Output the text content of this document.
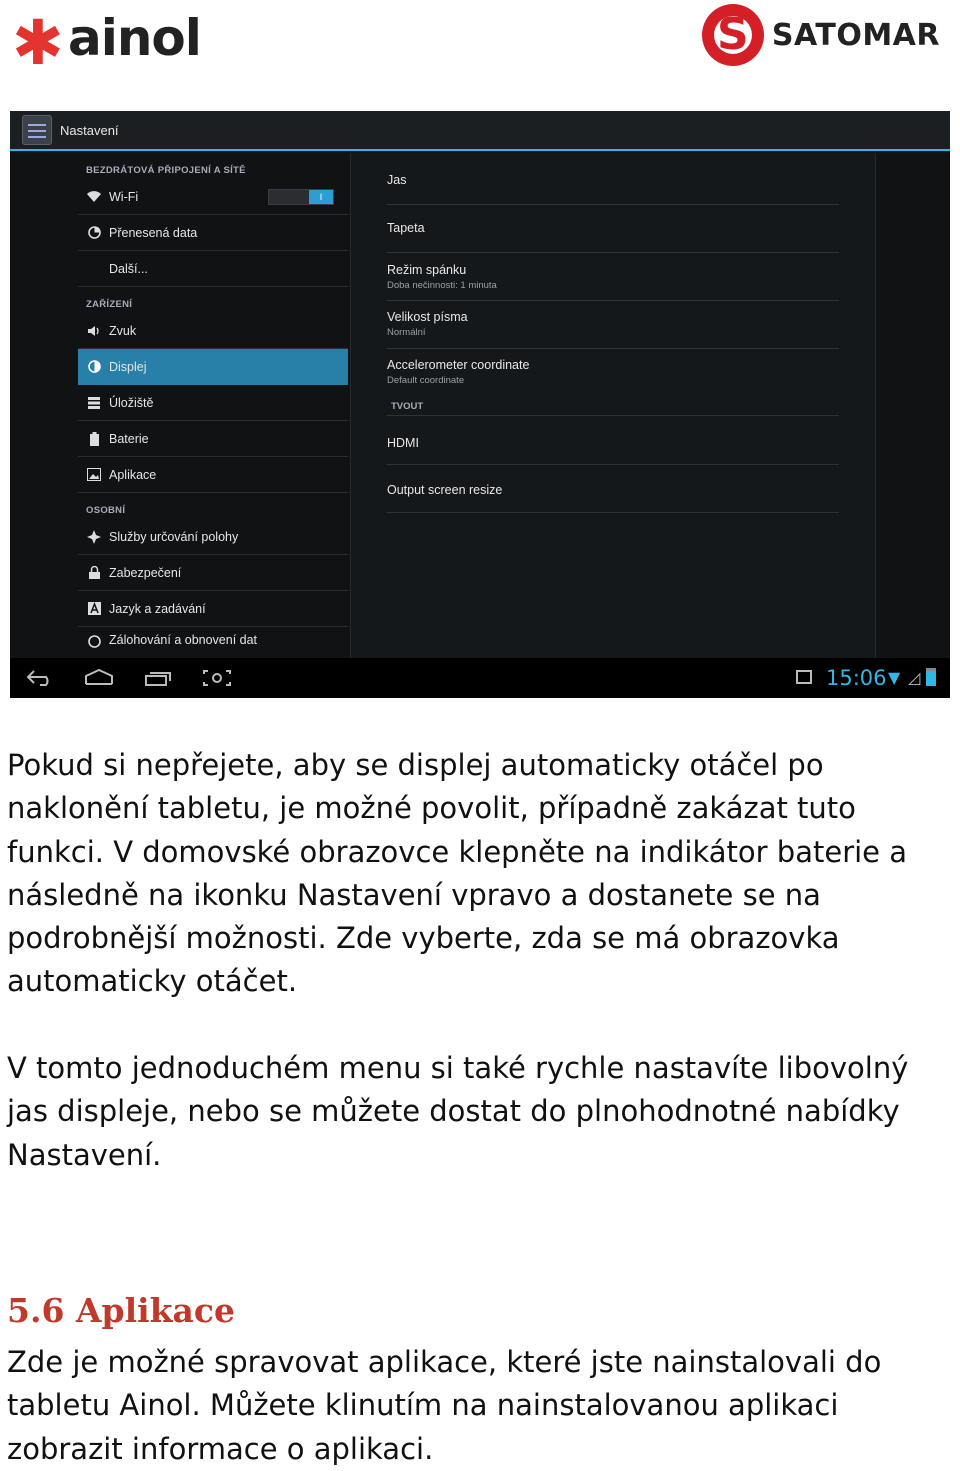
✱ ainol	S SATOMAR
Nastavení
BEZDRÁTOVÁ PŘIPOJENÍ A SÍTĚ
Wi-Fi	I
Přenesená data
Další...
ZAŘÍZENÍ
Zvuk
Displej
Úložiště
Baterie
Aplikace
OSOBNÍ
Služby určování polohy
Zabezpečení
Jazyk a zadávání
Zálohování a obnovení dat
Jas
Tapeta
Režim spánku
Doba nečinnosti: 1 minuta
Velikost písma
Normální
Accelerometer coordinate
Default coordinate
TVOUT
HDMI
Output screen resize
15:06 ▼ ◿

Pokud si nepřejete, aby se displej automaticky otáčel po naklonění tabletu, je možné povolit, případně zakázat tuto funkci. V domovské obrazovce klepněte na indikátor baterie a následně na ikonku Nastavení vpravo a dostanete se na podrobnější možnosti. Zde vyberte, zda se má obrazovka automaticky otáčet.

V tomto jednoduchém menu si také rychle nastavíte libovolný jas displeje, nebo se můžete dostat do plnohodnotné nabídky Nastavení.

5.6 Aplikace

Zde je možné spravovat aplikace, které jste nainstalovali do tabletu Ainol. Můžete klinutím na nainstalovanou aplikaci zobrazit informace o aplikaci.
